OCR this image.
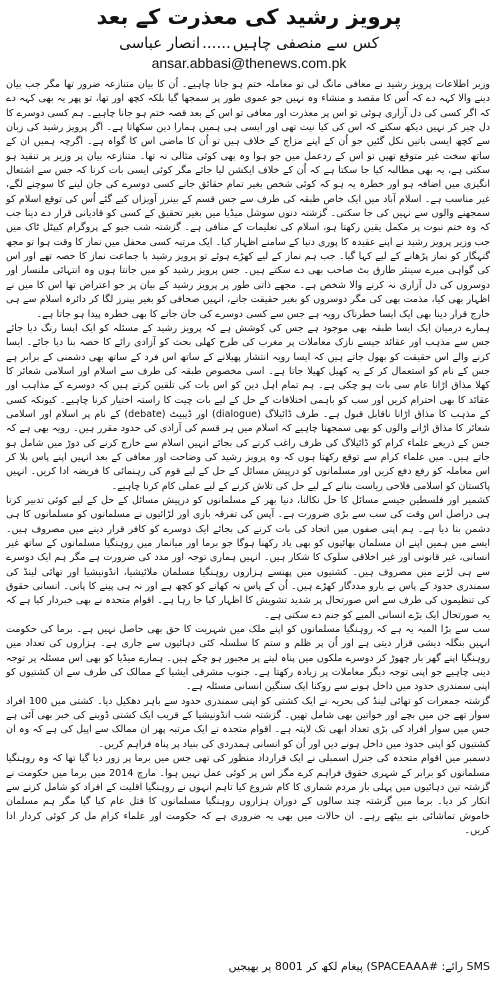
پرویز رشید کی معذرت کے بعد
کس سے منصفی چاہیں......انصار عباسی
ansar.abbasi@thenews.com.pk

وزیر اطلاعات پرویز رشید نے معافی مانگ لی تو معاملہ ختم ہو جانا چاہیے۔ اُن کا بیان متنازعہ ضرور تھا مگر جب بیان دینے والا کہہ دے کہ اُس کا مقصد و منشاء وہ نہیں جو عموی طور پر سمجھا گیا بلکہ کچھ اور تھا، تو پھر یہ بھی کہہ دے کہ اگر کسی کی دل آزاری ہوئی تو اس پر معذرت اور معافی تو اس کے بعد قصہ ختم ہو جانا چاہیے۔ ہم کسی دوسرے کا دل چیر کر نہیں دیکھ سکتے کہ اس کی کیا نیت تھی اور ایسی ہی ہمیں ہمارا دین سکھاتا ہے۔ اگر پرویز رشید کی زبان سے کچھ ایسی باتیں نکل گئیں جو اُن کے اپنے مزاج کے خلاف ہیں تو اُن کا ماضی اس کا گواہ ہے۔ اگرچہ ہمیں ان کے ساتھ سخت غیر متوقع تھیں تو اس کے ردعمل میں جو ہوا وہ بھی کوئی مثالی نہ تھا۔ متنازعہ بیان پر وزیر پر تنقید ہو سکتی ہے، یہ بھی مطالبہ کیا جا سکتا ہے کہ اُن کے خلاف ایکشن لیا جائے مگر کوئی ایسی بات کرنا کہ جس سے اشتعال انگیزی میں اضافہ ہو اور خطرہ یہ ہو کہ کوئی شخص بغیر تمام حقائق جانے کسی دوسرے کی جان لینے کا سوچنے لگے، غیر مناسب ہے۔ اسلام آباد میں ایک خاص طبقہ کی طرف سے جس قسم کے بینرز آویزاں کیے گئے اُس کی توقع اسلام کو سمجھنے والوں سے نہیں کی جا سکتی۔ گزشتہ دنوں سوشل میڈیا میں بغیر تحقیق کے کسی کو قادیانی قرار دے دینا جب کہ وہ ختم نبوت پر مکمل یقین رکھتا ہو، اسلام کی تعلیمات کے منافی ہے۔ گزشتہ شب جیو کے پروگرام کیپٹل ٹاک میں جب وزیر پرویز رشید نے اپنے عقیدہ کا پوری دنیا کے سامنے اظہار کیا۔ ایک مرتبہ کسی محفل میں نماز کا وقت ہوا تو مجھ گنہگار کو نماز پڑھانے کے لیے کہا گیا۔ جب ہم نماز کے لیے کھڑے ہوئے تو پرویز رشید با جماعت نماز کا حصہ تھے اور اس کی گواہی میرے سینئر طارق بٹ صاحب بھی دے سکتے ہیں۔ جس پرویز رشید کو میں جانتا ہوں وہ انتہائی ملنسار اور دوسروں کی دل آزاری نہ کرنے والا شخص ہے۔ مجھے ذاتی طور پر پرویز رشید کے بیان پر جو اعتراض تھا اس کا میں نے اظہار بھی کیا، مذمت بھی کی مگر دوسروں کو بغیر حقیقت جانے، انہیں صحافی کو بغیر بینرز لگا کر دائرہ اسلام سے ہی خارج قرار دینا بھی ایک ایسا خطرناک رویہ ہے جس سے کسی دوسرے کی جان جانے کا بھی خطرہ پیدا ہو جاتا ہے۔

ہمارے درمیان ایک ایسا طبقہ بھی موجود ہے جس کی کوشش ہے کہ پرویز رشید کے مسئلہ کو ایک ایسا رنگ دیا جائے جس سے مذہب اور عقائد جیسے نازک معاملات پر مغرب کی طرح کھلی بحث کو آزادی رائے کا حصہ بنا دیا جائے۔ ایسا کرنے والے اس حقیقت کو بھول جاتے ہیں کہ ایسا رویہ انتشار پھیلانے کے ساتھ اس فرد کے ساتھ بھی دشمنی کے برابر ہے جس کے نام کو استعمال کر کے یہ کھیل کھیلا جاتا ہے۔ اسی مخصوص طبقہ کی طرف سے اسلام اور اسلامی شعائر کا کھلا مذاق اڑانا عام سی بات ہو چکی ہے۔ ہم تمام اہل دین کو اس بات کی تلقین کرتے ہیں کہ دوسرے کے مذاہب اور عقائد کا بھی احترام کریں اور سب کو باہمی اختلافات کے حل کے لیے بات چیت کا راستہ اختیار کرنا چاہیے۔ کیونکہ کسی کے مذہب کا مذاق اڑانا ناقابل قبول ہے۔ طرف ڈائیلاگ (dialogue) اور ڈیبیٹ (debate) کے نام پر اسلام اور اسلامی شعائر کا مذاق اڑانے والوں کو بھی سمجھنا چاہیے کہ اسلام میں ہر قسم کی آزادی کی حدود مقرر ہیں۔ رویہ بھی ہے کہ جس کے ذریعے علماء کرام کو ڈائیلاگ کی طرف راغب کرنے کی بجائے انہیں اسلام سے خارج کرنے کی دوڑ میں شامل ہو جاتے ہیں۔ میں علماء کرام سے توقع رکھتا ہوں کہ وہ پرویز رشید کی وضاحت اور معافی کے بعد انہیں اپنے پاس بلا کر اس معاملہ کو رفع دفع کریں اور مسلمانوں کو درپیش مسائل کے حل کے لیے قوم کی رہنمائی کا فریضہ ادا کریں۔ انہیں پاکستان کو اسلامی فلاحی ریاست بنانے کے لیے حل کی تلاش کرنے کے لیے عملی کام کرنا چاہیے۔

کشمیر اور فلسطین جیسے مسائل کا حل نکالنا، دنیا بھر کے مسلمانوں کو درپیش مسائل کے حل کے لیے کوئی تدبیر کرنا ہی دراصل اس وقت کی سب سے بڑی ضرورت ہے۔ آپس کی تفرقہ بازی اور لڑائیوں نے مسلمانوں کو مسلمانوں کا ہی دشمن بنا دیا ہے۔ ہم اپنی صفوں میں اتحاد کی بات کرنے کی بجائے ایک دوسرے کو کافر قرار دینے میں مصروف ہیں۔ ایسے میں ہمیں اپنے ان مسلمان بھائیوں کو بھی یاد رکھنا ہوگا جو برما اور میانمار میں روہنگیا مسلمانوں کے ساتھ غیر انسانی، غیر قانونی اور غیر اخلاقی سلوک کا شکار ہیں۔ انہیں ہماری توجہ اور مدد کی ضرورت ہے مگر ہم ایک دوسرے سے ہی لڑنے میں مصروف ہیں۔ کشتیوں میں پھنسے ہزاروں روہنگیا مسلمان ملائیشیا، انڈونیشیا اور تھائی لینڈ کی سمندری حدود کے پاس بے یارو مددگار کھڑے ہیں۔ اُن کے پاس نہ کھانے کو کچھ ہے اور نہ ہی پینے کا پانی۔ انسانی حقوق کی تنظیموں کی طرف سے اس صورتحال پر شدید تشویش کا اظہار کیا جا رہا ہے۔ اقوام متحدہ نے بھی خبردار کیا ہے کہ یہ صورتحال ایک بڑے انسانی المیے کو جنم دے سکتی ہے۔

سب سے بڑا المیہ یہ ہے کہ روہنگیا مسلمانوں کو اپنے ملک میں شہریت کا حق بھی حاصل نہیں ہے۔ برما کی حکومت انہیں بنگلہ دیشی قرار دیتی ہے اور اُن پر ظلم و ستم کا سلسلہ کئی دہائیوں سے جاری ہے۔ ہزاروں کی تعداد میں روہنگیا اپنے گھر بار چھوڑ کر دوسرے ملکوں میں پناہ لینے پر مجبور ہو چکے ہیں۔ ہمارے میڈیا کو بھی اس مسئلہ پر توجہ دینی چاہیے جو اپنی توجہ دیگر معاملات پر زیادہ رکھتا ہے۔ جنوب مشرقی ایشیا کے ممالک کی طرف سے ان کشتیوں کو اپنی سمندری حدود میں داخل ہونے سے روکنا ایک سنگین انسانی مسئلہ ہے۔

گزشتہ جمعرات کو تھائی لینڈ کی بحریہ نے ایک کشتی کو اپنی سمندری حدود سے باہر دھکیل دیا۔ کشتی میں 100 افراد سوار تھے جن میں بچے اور خواتین بھی شامل تھیں۔ گزشتہ شب انڈونیشیا کے قریب ایک کشتی ڈوبنے کی خبر بھی آئی ہے جس میں سوار افراد کی بڑی تعداد ابھی تک لاپتہ ہے۔ اقوام متحدہ نے ایک مرتبہ پھر ان ممالک سے اپیل کی ہے کہ وہ ان کشتیوں کو اپنی حدود میں داخل ہونے دیں اور اُن کو انسانی ہمدردی کی بنیاد پر پناہ فراہم کریں۔

دسمبر میں اقوام متحدہ کی جنرل اسمبلی نے ایک قرارداد منظور کی تھی جس میں برما پر زور دیا گیا تھا کہ وہ روہنگیا مسلمانوں کو برابر کے شہری حقوق فراہم کرے مگر اس پر کوئی عمل نہیں ہوا۔ مارچ 2014 میں برما میں حکومت نے گزشتہ تین دہائیوں میں پہلی بار مردم شماری کا کام شروع کیا تاہم انہوں نے روہنگیا اقلیت کے افراد کو شامل کرنے سے انکار کر دیا۔ برما میں گزشتہ چند سالوں کے دوران ہزاروں روہنگیا مسلمانوں کا قتل عام کیا گیا مگر ہم مسلمان خاموش تماشائی بنے بیٹھے رہے۔ ان حالات میں بھی یہ ضروری ہے کہ حکومت اور علماء کرام مل کر کوئی کردار ادا کریں۔

SMS رائے: #SPACEAAA) پیغام لکھ کر 8001 پر بھیجیں
